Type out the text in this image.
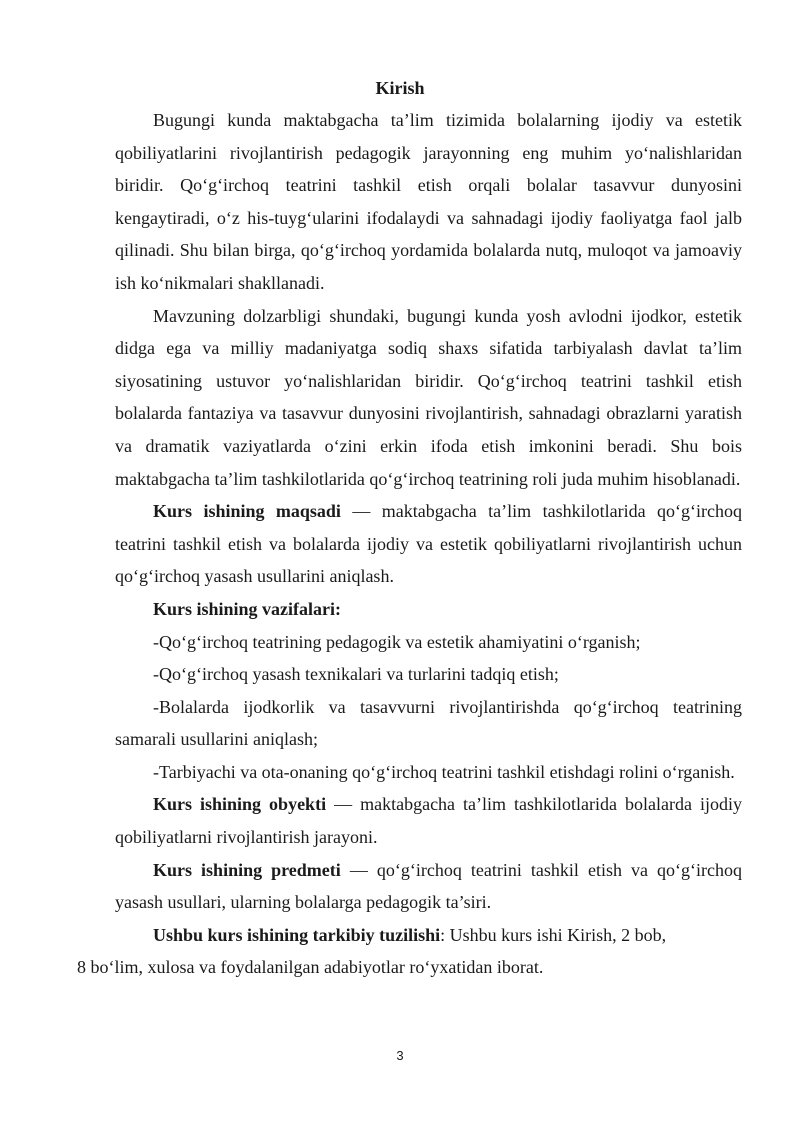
Kirish

Bugungi kunda maktabgacha ta’lim tizimida bolalarning ijodiy va estetik qobiliyatlarini rivojlantirish pedagogik jarayonning eng muhim yo‘nalishlaridan biridir. Qo‘g‘irchoq teatrini tashkil etish orqali bolalar tasavvur dunyosini kengaytiradi, o‘z his-tuyg‘ularini ifodalaydi va sahnadagi ijodiy faoliyatga faol jalb qilinadi. Shu bilan birga, qo‘g‘irchoq yordamida bolalarda nutq, muloqot va jamoaviy ish ko‘nikmalari shakllanadi.

Mavzuning dolzarbligi shundaki, bugungi kunda yosh avlodni ijodkor, estetik didga ega va milliy madaniyatga sodiq shaxs sifatida tarbiyalash davlat ta’lim siyosatining ustuvor yo‘nalishlaridan biridir. Qo‘g‘irchoq teatrini tashkil etish bolalarda fantaziya va tasavvur dunyosini rivojlantirish, sahnadagi obrazlarni yaratish va dramatik vaziyatlarda o‘zini erkin ifoda etish imkonini beradi. Shu bois maktabgacha ta’lim tashkilotlarida qo‘g‘irchoq teatrining roli juda muhim hisoblanadi.

Kurs ishining maqsadi — maktabgacha ta’lim tashkilotlarida qo‘g‘irchoq teatrini tashkil etish va bolalarda ijodiy va estetik qobiliyatlarni rivojlantirish uchun qo‘g‘irchoq yasash usullarini aniqlash.

Kurs ishining vazifalari:

-Qo‘g‘irchoq teatrining pedagogik va estetik ahamiyatini o‘rganish;

-Qo‘g‘irchoq yasash texnikalari va turlarini tadqiq etish;

-Bolalarda ijodkorlik va tasavvurni rivojlantirishda qo‘g‘irchoq teatrining samarali usullarini aniqlash;

-Tarbiyachi va ota-onaning qo‘g‘irchoq teatrini tashkil etishdagi rolini o‘rganish.

Kurs ishining obyekti — maktabgacha ta’lim tashkilotlarida bolalarda ijodiy qobiliyatlarni rivojlantirish jarayoni.

Kurs ishining predmeti — qo‘g‘irchoq teatrini tashkil etish va qo‘g‘irchoq yasash usullari, ularning bolalarga pedagogik ta’siri.

Ushbu kurs ishining tarkibiy tuzilishi: Ushbu kurs ishi Kirish, 2 bob,
8 bo‘lim, xulosa va foydalanilgan adabiyotlar ro‘yxatidan iborat.

3
